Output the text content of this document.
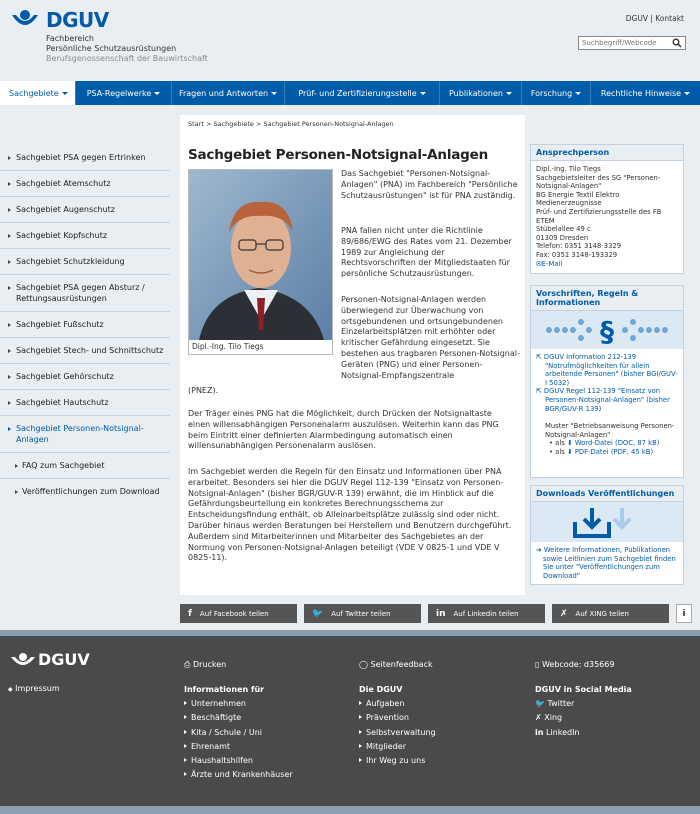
DGUV
Fachbereich
Persönliche Schutzausrüstungen
Berufsgenossenschaft der Bauwirtschaft
DGUV | Kontakt
Suchbegriff/Webcode
Sachgebiete	PSA-Regelwerke	Fragen und Antworten	Prüf- und Zertifizierungsstelle	Publikationen	Forschung	Rechtliche Hinweise
Sachgebiet PSA gegen Ertrinken
Sachgebiet Atemschutz
Sachgebiet Augenschutz
Sachgebiet Kopfschutz
Sachgebiet Schutzkleidung
Sachgebiet PSA gegen Absturz / Rettungsausrüstungen
Sachgebiet Fußschutz
Sachgebiet Stech- und Schnittschutz
Sachgebiet Gehörschutz
Sachgebiet Hautschutz
Sachgebiet Personen-Notsignal-Anlagen
FAQ zum Sachgebiet
Veröffentlichungen zum Download
Start > Sachgebiete > Sachgebiet Personen-Notsignal-Anlagen
Sachgebiet Personen-Notsignal-Anlagen
Dipl.-Ing. Tilo Tiegs
Das Sachgebiet "Personen-Notsignal-Anlagen" (PNA) im Fachbereich "Persönliche Schutzausrüstungen" ist für PNA zuständig.
PNA fallen nicht unter die Richtlinie 89/686/EWG des Rates vom 21. Dezember 1989 zur Angleichung der Rechtsvorschriften der Mitgliedstaaten für persönliche Schutzausrüstungen.
Personen-Notsignal-Anlagen werden überwiegend zur Überwachung von ortsgebundenen und ortsungebundenen Einzelarbeitsplätzen mit erhöhter oder kritischer Gefährdung eingesetzt. Sie bestehen aus tragbaren Personen-Notsignal-Geräten (PNG) und einer Personen-Notsignal-Empfangszentrale
(PNEZ).
Der Träger eines PNG hat die Möglichkeit, durch Drücken der Notsignaltaste einen willensabhängigen Personenalarm auszulösen. Weiterhin kann das PNG beim Eintritt einer definierten Alarmbedingung automatisch einen willensunabhängigen Personenalarm auslösen.
Im Sachgebiet werden die Regeln für den Einsatz und Informationen über PNA erarbeitet. Besonders sei hier die DGUV Regel 112-139 "Einsatz von Personen-Notsignal-Anlagen" (bisher BGR/GUV-R 139) erwähnt, die im Hinblick auf die Gefährdungsbeurteilung ein konkretes Berechnungsschema zur Entscheidungsfindung enthält, ob Alleinarbeitsplätze zulässig sind oder nicht. Darüber hinaus werden Beratungen bei Herstellern und Benutzern durchgeführt. Außerdem sind Mitarbeiterinnen und Mitarbeiter des Sachgebietes an der Normung von Personen-Notsignal-Anlagen beteiligt (VDE V 0825-1 und VDE V 0825-11).
Ansprechperson
Dipl.-Ing. Tilo Tiegs
Sachgebietsleiter des SG "Personen-Notsignal-Anlagen"
BG Energie Textil Elektro
Medienerzeugnisse
Prüf- und Zertifizierungsstelle des FB ETEM
Stübelallee 49 c
01309 Dresden
Telefon: 0351 3148-3329
Fax: 0351 3148-193329
✉E-Mail
Vorschriften, Regeln & Informationen
§
⇱ DGUV Information 212-139 "Notrufmöglichkeiten für allein arbeitende Personen" (bisher BGI/GUV-I 5032)
⇱ DGUV Regel 112-139 "Einsatz von Personen-Notsignal-Anlagen" (bisher BGR/GUV-R 139)
Muster "Betriebsanweisung Personen-Notsignal-Anlagen"
• als ⬇ Word-Datei (DOC, 87 kB)
• als ⬇ PDF-Datei (PDF, 45 kB)
Downloads Veröffentlichungen
➔ Weitere Informationen, Publikationen sowie Leitlinien zum Sachgebiet finden Sie unter "Veröffentlichungen zum Download"
f Auf Facebook teilen	🐦 Auf Twitter teilen	in Auf Linkedin teilen	✗ Auf XING teilen	i
DGUV
◆ Impressum
⎙ Drucken	◯ Seitenfeedback	▯ Webcode: d35669
Informationen für
Unternehmen
Beschäftigte
Kita / Schule / Uni
Ehrenamt
Haushaltshilfen
Ärzte und Krankenhäuser
Die DGUV
Aufgaben
Prävention
Selbstverwaltung
Mitglieder
Ihr Weg zu uns
DGUV in Social Media
🐦 Twitter
✗ Xing
in LinkedIn
